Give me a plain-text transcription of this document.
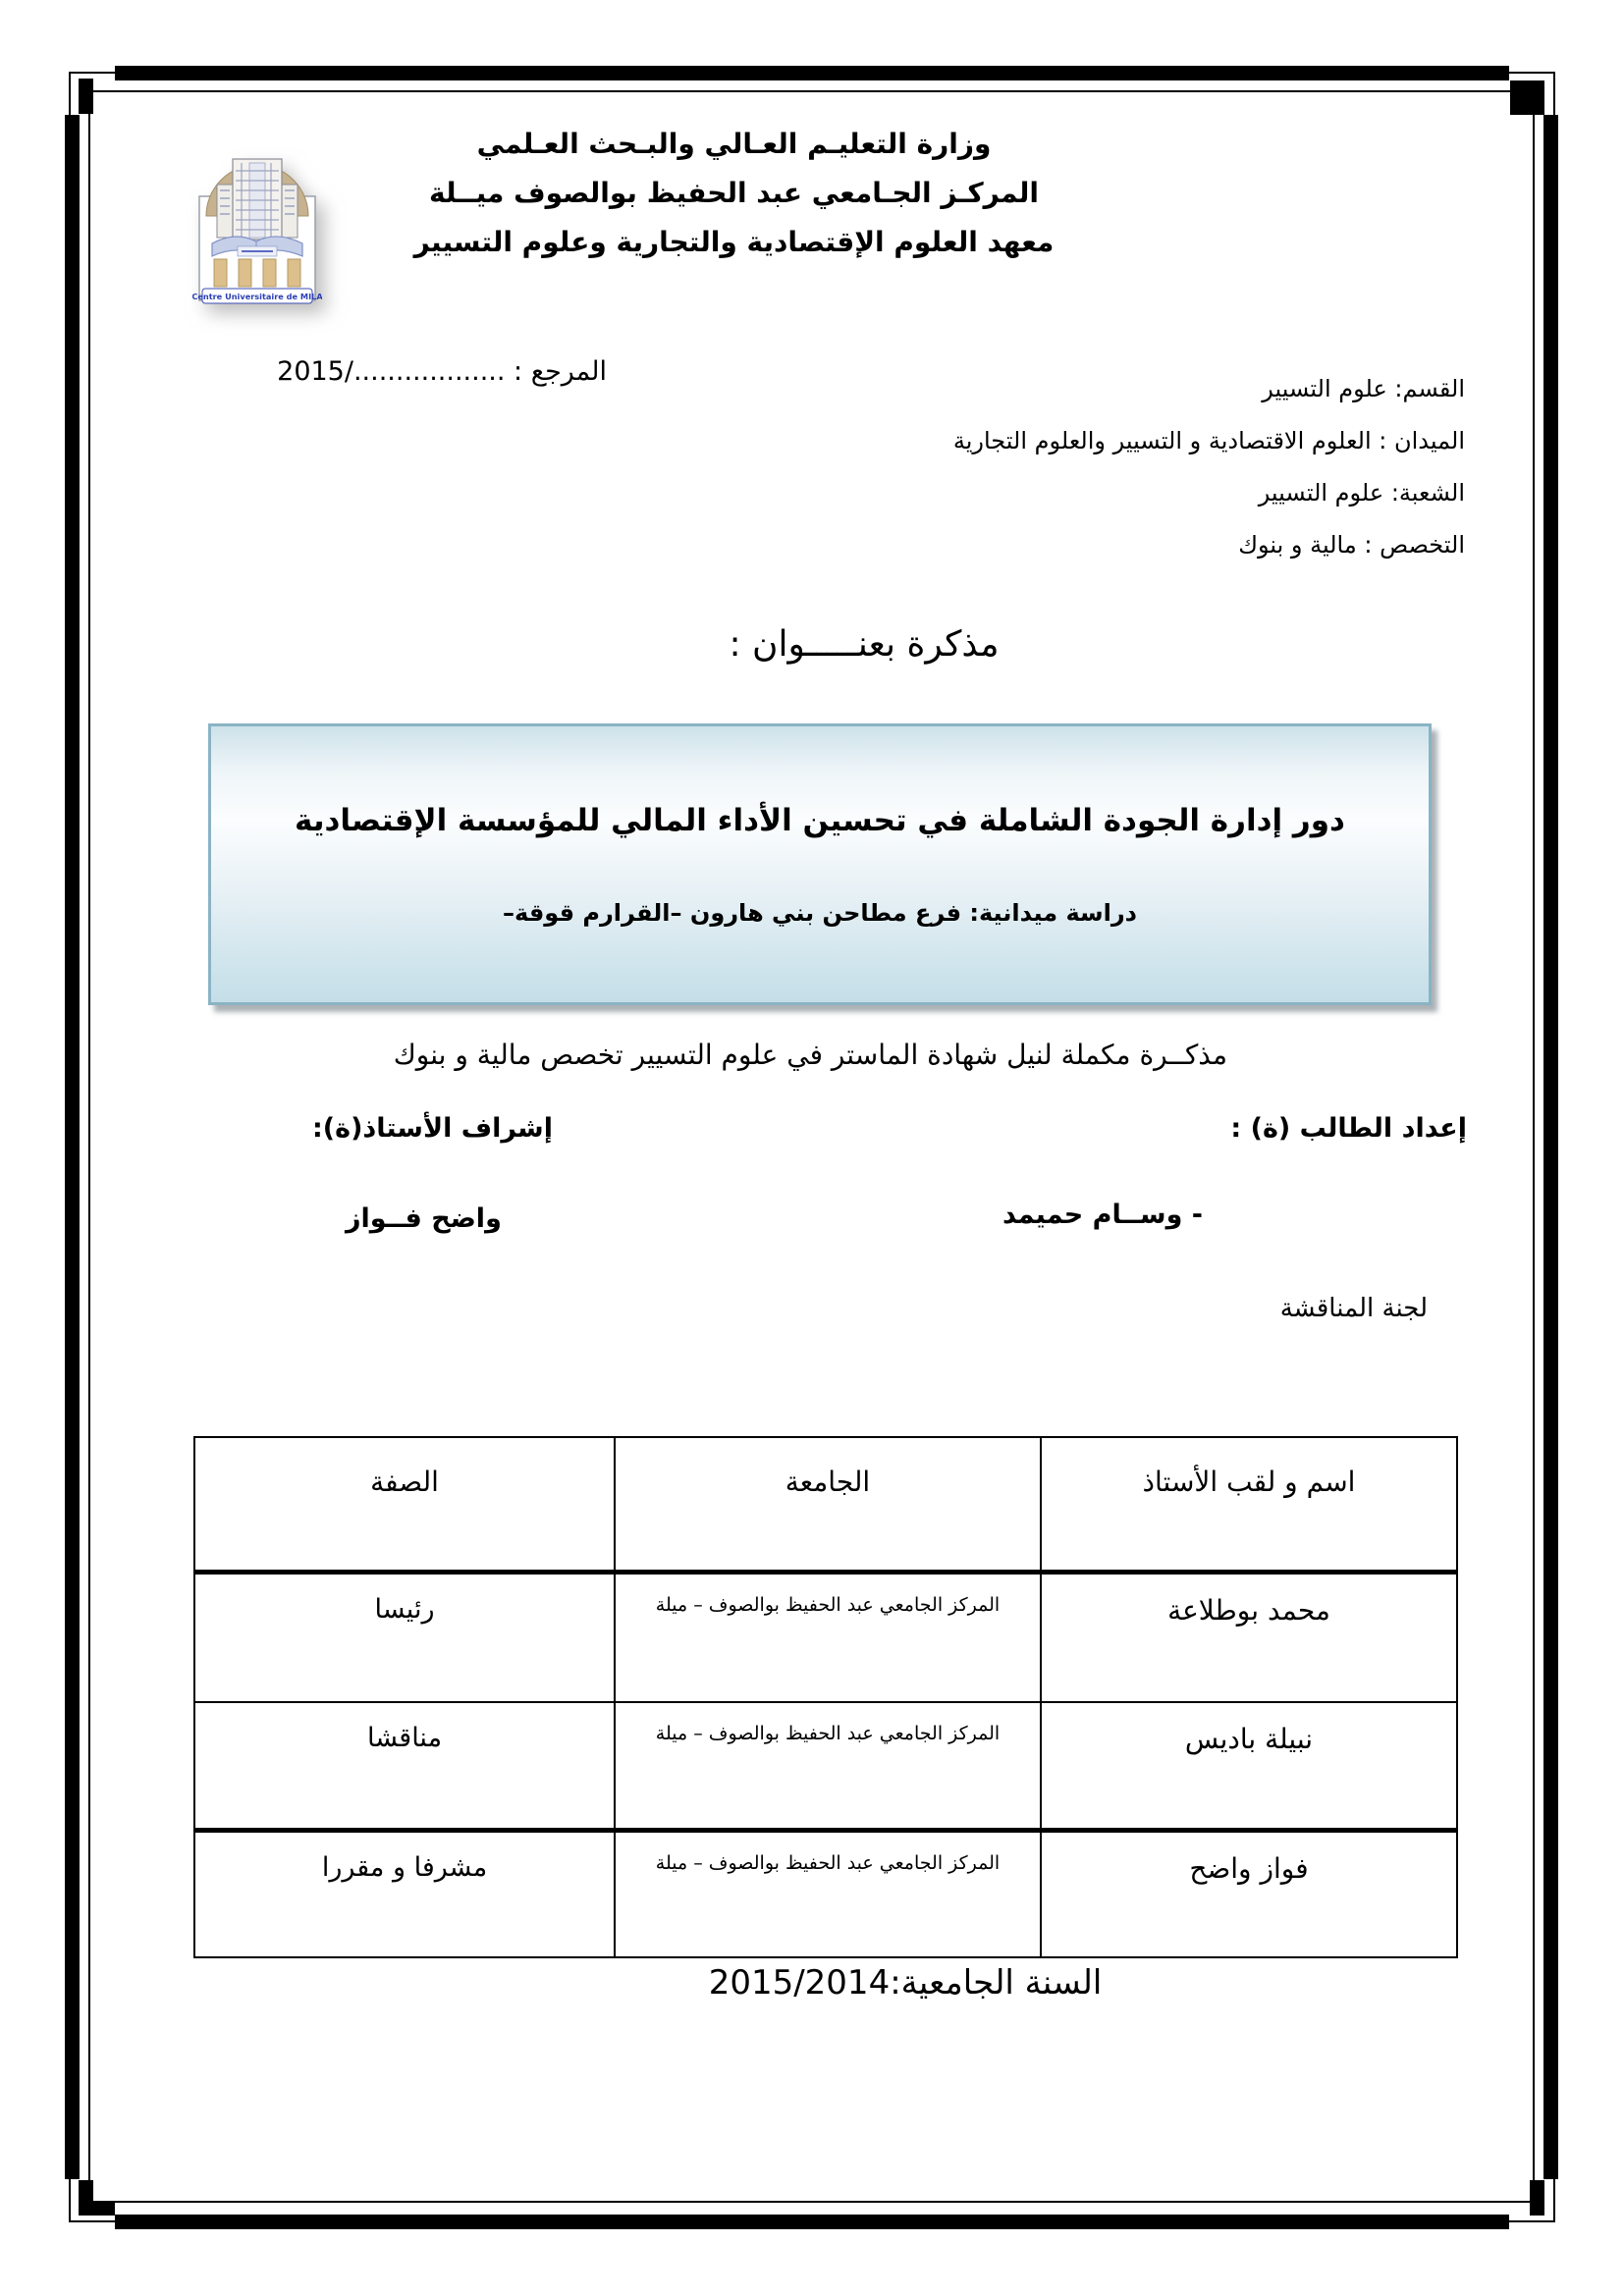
Centre Universitaire de MILA
وزارة التعليـم العـالي والبـحث العـلمي
المركـز الجـامعي عبد الحفيظ بوالصوف ميــلة
معهد العلوم الإقتصادية والتجارية وعلوم التسيير
المرجع : ................../2015
القسم: علوم التسيير
الميدان : العلوم الاقتصادية و التسيير والعلوم التجارية
الشعبة: علوم التسيير
التخصص : مالية و بنوك
مذكرة بعنـــــوان :
دور إدارة الجودة الشاملة في تحسين الأداء المالي للمؤسسة الإقتصادية
دراسة ميدانية: فرع مطاحن بني هارون –القرارم قوقة–
مذكــرة مكملة لنيل شهادة الماستر في علوم التسيير تخصص مالية و بنوك
إعداد الطالب (ة) :
إشراف الأستاذ(ة):
- وســام حميمد
واضح فــواز
لجنة المناقشة
اسم و لقب الأستاذ	الجامعة	الصفة
محمد بوطلاعة	المركز الجامعي عبد الحفيظ بوالصوف – ميلة	رئيسا
نبيلة باديس	المركز الجامعي عبد الحفيظ بوالصوف – ميلة	مناقشا
فواز واضح	المركز الجامعي عبد الحفيظ بوالصوف – ميلة	مشرفا و مقررا
السنة الجامعية:2015/2014
